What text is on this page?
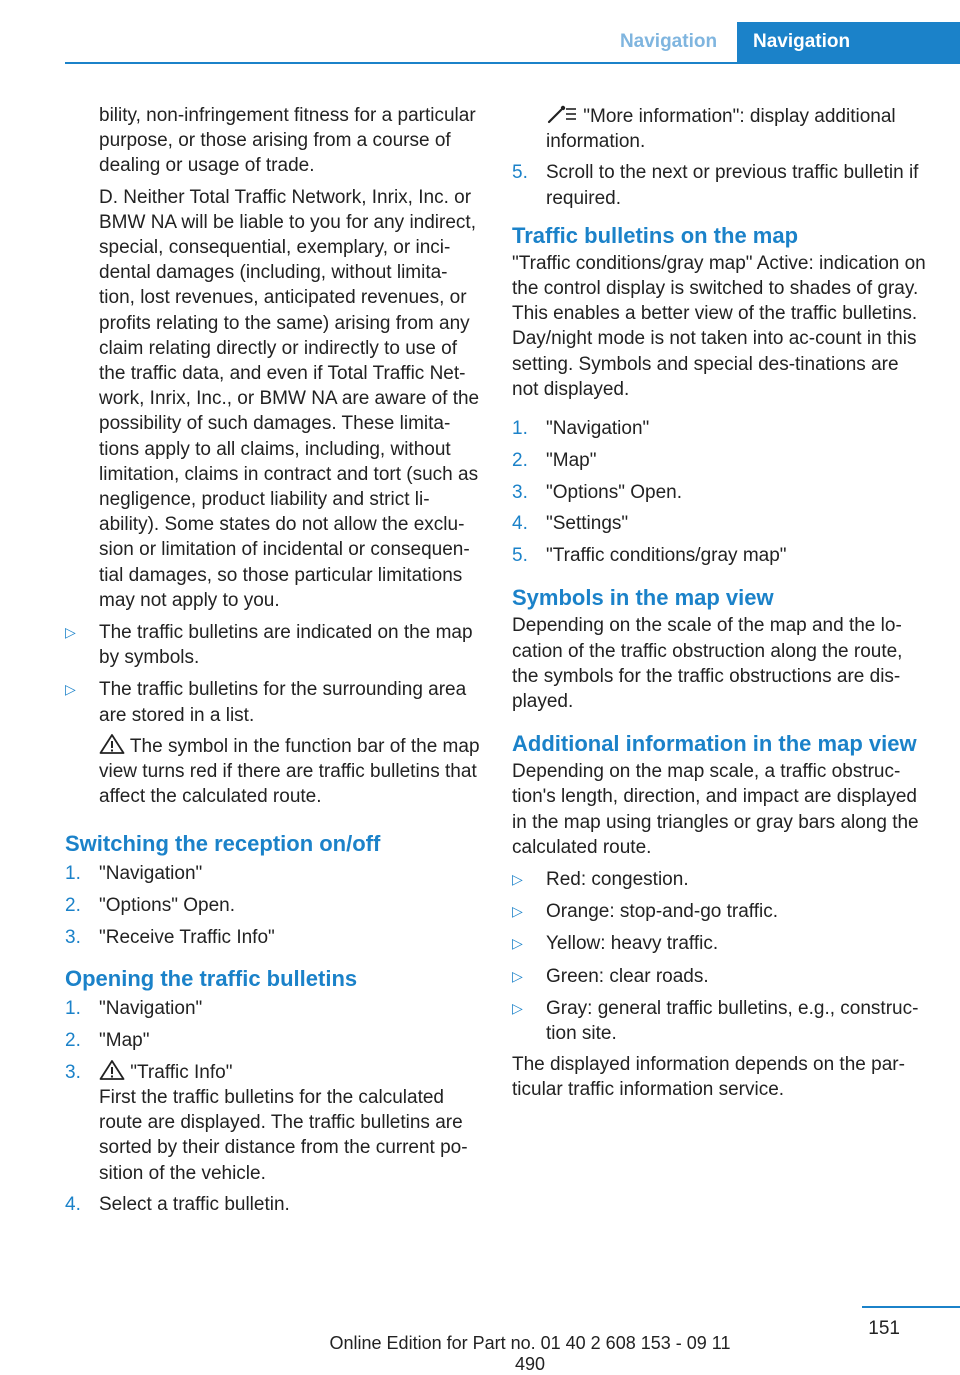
Navigation	Navigation

bility, non-infringement fitness for a particular purpose, or those arising from a course of dealing or usage of trade.

D. Neither Total Traffic Network, Inrix, Inc. or BMW NA will be liable to you for any indirect, special, consequential, exemplary, or inci-dental damages (including, without limita-tion, lost revenues, anticipated revenues, or profits relating to the same) arising from any claim relating directly or indirectly to use of the traffic data, and even if Total Traffic Net-work, Inrix, Inc., or BMW NA are aware of the possibility of such damages. These limita-tions apply to all claims, including, without limitation, claims in contract and tort (such as negligence, product liability and strict li-ability). Some states do not allow the exclu-sion or limitation of incidental or consequen-tial damages, so those particular limitations may not apply to you.

▷	The traffic bulletins are indicated on the map by symbols.
▷	The traffic bulletins for the surrounding area are stored in a list.

The symbol in the function bar of the map view turns red if there are traffic bulletins that affect the calculated route.

Switching the reception on/off
1. "Navigation"
2. "Options" Open.
3. "Receive Traffic Info"
Opening the traffic bulletins
1. "Navigation"
2. "Map"
3.	"Traffic Info"
First the traffic bulletins for the calculated route are displayed. The traffic bulletins are sorted by their distance from the current po-sition of the vehicle.
4. Select a traffic bulletin.

"More information": display additional information.

5. Scroll to the next or previous traffic bulletin if required.
Traffic bulletins on the map

"Traffic conditions/gray map" Active: indication on the control display is switched to shades of gray. This enables a better view of the traffic bulletins. Day/night mode is not taken into ac-count in this setting. Symbols and special des-tinations are not displayed.

1. "Navigation"
2. "Map"
3. "Options" Open.
4. "Settings"
5. "Traffic conditions/gray map"
Symbols in the map view

Depending on the scale of the map and the lo-cation of the traffic obstruction along the route, the symbols for the traffic obstructions are dis-played.

Additional information in the map view

Depending on the map scale, a traffic obstruc-tion's length, direction, and impact are displayed in the map using triangles or gray bars along the calculated route.

▷	Red: congestion.
▷	Orange: stop-and-go traffic.
▷	Yellow: heavy traffic.
▷	Green: clear roads.
▷	Gray: general traffic bulletins, e.g., construc-tion site.

The displayed information depends on the par-ticular traffic information service.

151
Online Edition for Part no. 01 40 2 608 153 - 09 11 490
